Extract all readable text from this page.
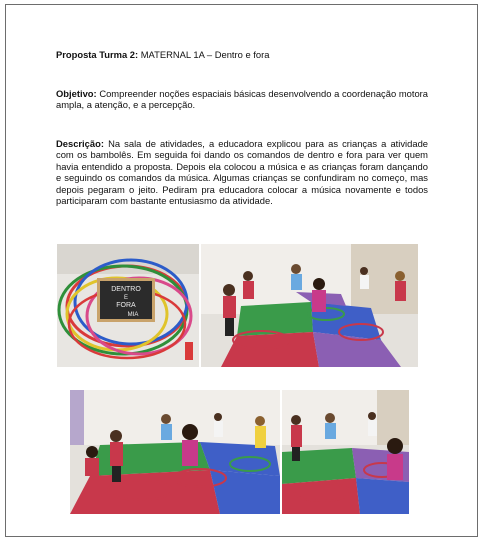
Proposta Turma 2: MATERNAL 1A – Dentro e fora
Objetivo: Compreender noções espaciais básicas desenvolvendo a coordenação motora ampla, a atenção, e a percepção.
Descrição: Na sala de atividades, a educadora explicou para as crianças a atividade com os bambolês. Em seguida foi dando os comandos de dentro e fora para ver quem havia entendido a proposta. Depois ela colocou a música e as crianças foram dançando e seguindo os comandos da música. Algumas crianças se confundiram no começo, mas depois pegaram o jeito. Pediram pra educadora colocar a música novamente e todos participaram com bastante entusiasmo da atividade.
DENTRO
E
FORA
MIA
